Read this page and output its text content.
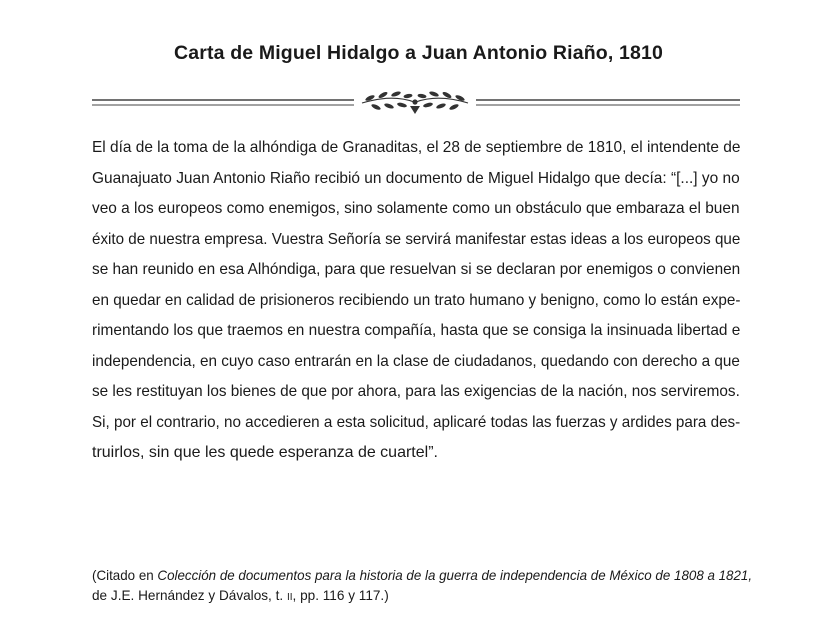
Carta de Miguel Hidalgo a Juan Antonio Riaño, 1810
El día de la toma de la alhóndiga de Granaditas, el 28 de septiembre de 1810, el intendente de
Guanajuato Juan Antonio Riaño recibió un documento de Miguel Hidalgo que decía: “[...] yo no
veo a los europeos como enemigos, sino solamente como un obstáculo que embaraza el buen
éxito de nuestra empresa. Vuestra Señoría se servirá manifestar estas ideas a los europeos que
se han reunido en esa Alhóndiga, para que resuelvan si se declaran por enemigos o convienen
en quedar en calidad de prisioneros recibiendo un trato humano y benigno, como lo están expe-
rimentando los que traemos en nuestra compañía, hasta que se consiga la insinuada libertad e
independencia, en cuyo caso entrarán en la clase de ciudadanos, quedando con derecho a que
se les restituyan los bienes de que por ahora, para las exigencias de la nación, nos serviremos.
Si, por el contrario, no accedieren a esta solicitud, aplicaré todas las fuerzas y ardides para des-
truirlos, sin que les quede esperanza de cuartel”.
(Citado en Colección de documentos para la historia de la guerra de independencia de México de 1808 a 1821,
de J.E. Hernández y Dávalos, t. II, pp. 116 y 117.)
